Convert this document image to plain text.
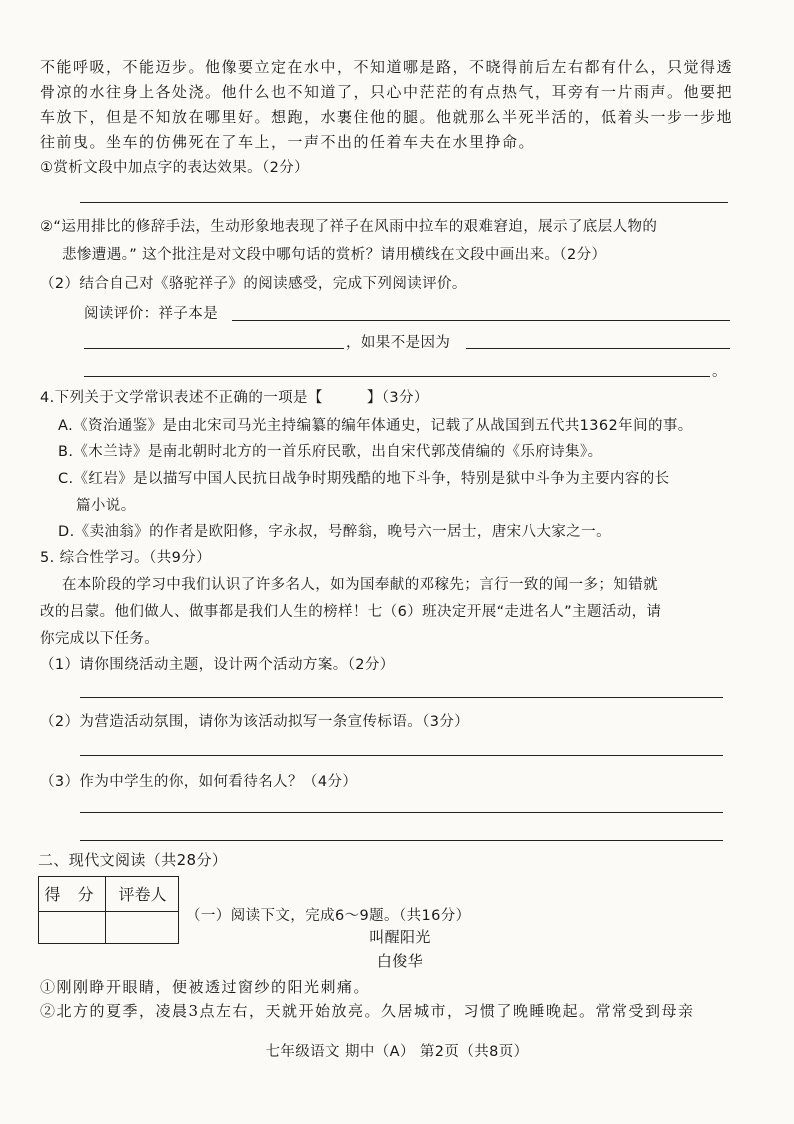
不能呼吸，不能迈步。他像要立定在水中，不知道哪是路，不晓得前后左右都有什么，只觉得透
骨凉的水往身上各处浇。他什么也不知道了，只心中茫茫的有点热气，耳旁有一片雨声。他要把
车放下，但是不知放在哪里好。想跑，水裹住他的腿。他就那么半死半活的，低着头一步一步地
往前曳。坐车的仿佛死在了车上，一声不出的任着车夫在水里挣命。
①赏析文段中加点字的表达效果。（2分）
②“运用排比的修辞手法，生动形象地表现了祥子在风雨中拉车的艰难窘迫，展示了底层人物的
悲惨遭遇。” 这个批注是对文段中哪句话的赏析？请用横线在文段中画出来。（2分）
（2）结合自己对《骆驼祥子》的阅读感受，完成下列阅读评价。
阅读评价：祥子本是
，如果不是因为
。
4.下列关于文学常识表述不正确的一项是【	】（3分）
A.《资治通鉴》是由北宋司马光主持编纂的编年体通史，记载了从战国到五代共1362年间的事。
B.《木兰诗》是南北朝时北方的一首乐府民歌，出自宋代郭茂倩编的《乐府诗集》。
C.《红岩》是以描写中国人民抗日战争时期残酷的地下斗争，特别是狱中斗争为主要内容的长
篇小说。
D.《卖油翁》的作者是欧阳修，字永叔，号醉翁，晚号六一居士，唐宋八大家之一。
5. 综合性学习。（共9分）
在本阶段的学习中我们认识了许多名人，如为国奉献的邓稼先；言行一致的闻一多；知错就
改的吕蒙。他们做人、做事都是我们人生的榜样！七（6）班决定开展“走进名人”主题活动，请
你完成以下任务。
（1）请你围绕活动主题，设计两个活动方案。（2分）
（2）为营造活动氛围，请你为该活动拟写一条宣传标语。（3分）
（3）作为中学生的你，如何看待名人？（4分）
二、现代文阅读（共28分）
得 分	评卷人
（一）阅读下文，完成6～9题。（共16分）
叫醒阳光
白俊华
①刚刚睁开眼睛，便被透过窗纱的阳光刺痛。
②北方的夏季，凌晨3点左右，天就开始放亮。久居城市，习惯了晚睡晚起。常常受到母亲
七年级语文 期中（A） 第2页（共8页）
